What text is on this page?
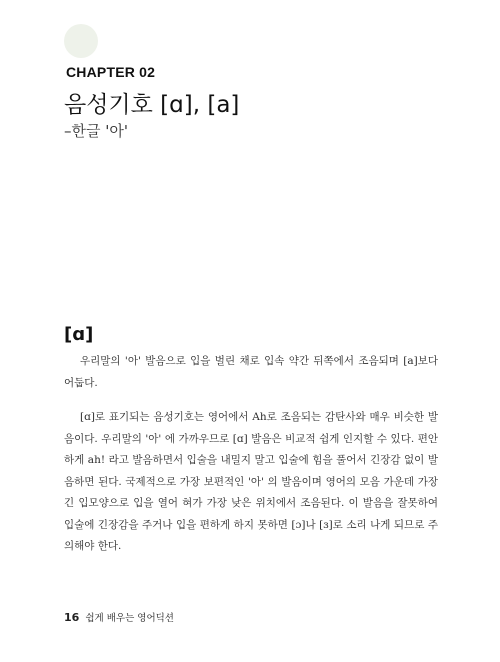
CHAPTER 02
음성기호 [ɑ], [a]
–한글 '아'
[ɑ]

우리말의 '아' 발음으로 입을 벌린 채로 입속 약간 뒤쪽에서 조음되며 [a]보다 어둡다.

[ɑ]로 표기되는 음성기호는 영어에서 Ah로 조음되는 감탄사와 매우 비슷한 발음이다. 우리말의 '아' 에 가까우므로 [ɑ] 발음은 비교적 쉽게 인지할 수 있다. 편안하게 ah! 라고 발음하면서 입술을 내밀지 말고 입술에 힘을 풀어서 긴장감 없이 발음하면 된다. 국제적으로 가장 보편적인 '아' 의 발음이며 영어의 모음 가운데 가장 긴 입모양으로 입을 열어 혀가 가장 낮은 위치에서 조음된다. 이 발음을 잘못하여 입술에 긴장감을 주거나 입을 편하게 하지 못하면 [ɔ]나 [ɜ]로 소리 나게 되므로 주의해야 한다.

16 쉽게 배우는 영어딕션
